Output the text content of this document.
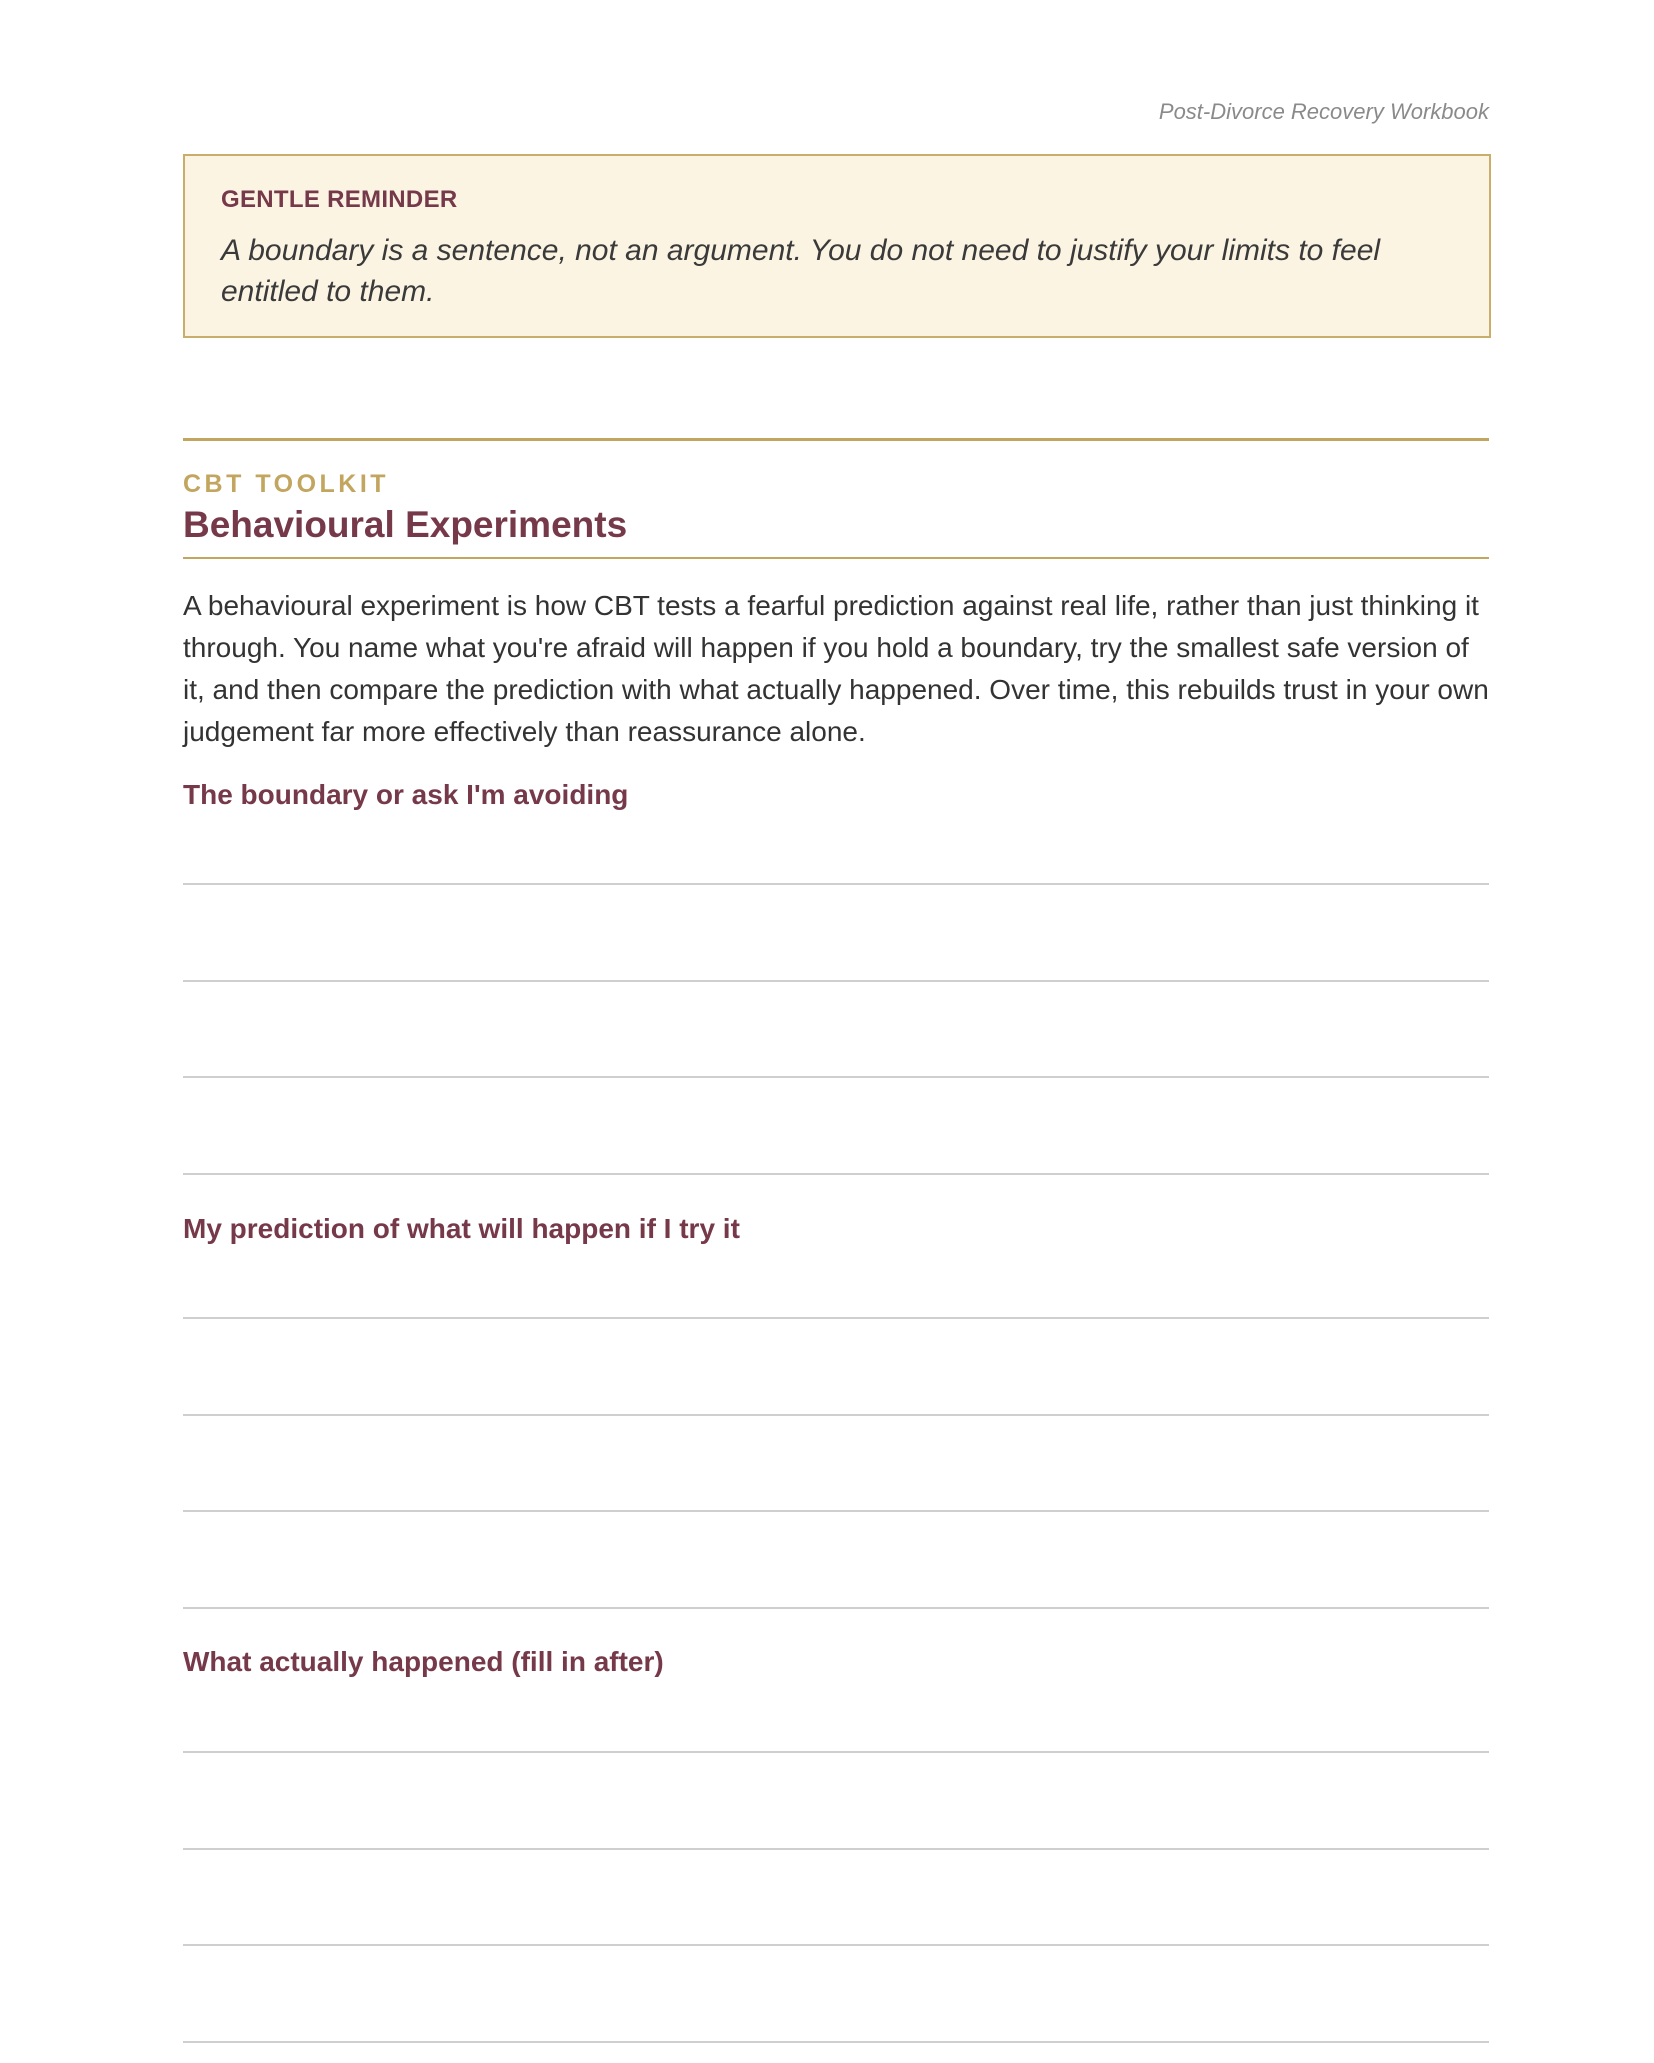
Post-Divorce Recovery Workbook
GENTLE REMINDER

A boundary is a sentence, not an argument. You do not need to justify your limits to feel entitled to them.

CBT TOOLKIT
Behavioural Experiments

A behavioural experiment is how CBT tests a fearful prediction against real life, rather than just thinking it through. You name what you're afraid will happen if you hold a boundary, try the smallest safe version of it, and then compare the prediction with what actually happened. Over time, this rebuilds trust in your own judgement far more effectively than reassurance alone.

The boundary or ask I'm avoiding
My prediction of what will happen if I try it
What actually happened (fill in after)
